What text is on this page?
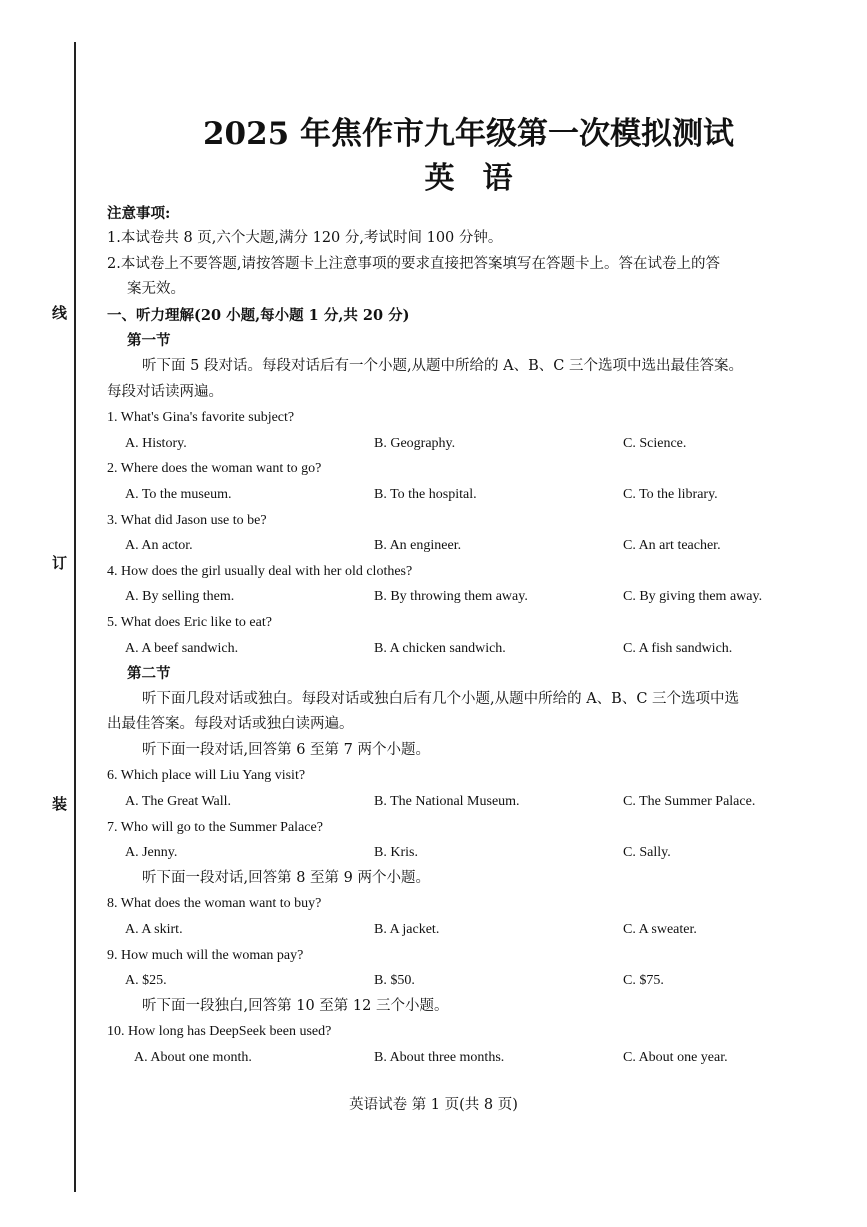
线
订
装
2025 年焦作市九年级第一次模拟测试
英语
注意事项:
1.本试卷共 8 页,六个大题,满分 120 分,考试时间 100 分钟。
2.本试卷上不要答题,请按答题卡上注意事项的要求直接把答案填写在答题卡上。答在试卷上的答
案无效。
一、听力理解(20 小题,每小题 1 分,共 20 分)
第一节
听下面 5 段对话。每段对话后有一个小题,从题中所给的 A、B、C 三个选项中选出最佳答案。
每段对话读两遍。
1. What's Gina's favorite subject?
A. History.	B. Geography.	C. Science.
2. Where does the woman want to go?
A. To the museum.	B. To the hospital.	C. To the library.
3. What did Jason use to be?
A. An actor.	B. An engineer.	C. An art teacher.
4. How does the girl usually deal with her old clothes?
A. By selling them.	B. By throwing them away.	C. By giving them away.
5. What does Eric like to eat?
A. A beef sandwich.	B. A chicken sandwich.	C. A fish sandwich.
第二节
听下面几段对话或独白。每段对话或独白后有几个小题,从题中所给的 A、B、C 三个选项中选
出最佳答案。每段对话或独白读两遍。
听下面一段对话,回答第 6 至第 7 两个小题。
6. Which place will Liu Yang visit?
A. The Great Wall.	B. The National Museum.	C. The Summer Palace.
7. Who will go to the Summer Palace?
A. Jenny.	B. Kris.	C. Sally.
听下面一段对话,回答第 8 至第 9 两个小题。
8. What does the woman want to buy?
A. A skirt.	B. A jacket.	C. A sweater.
9. How much will the woman pay?
A. $25.	B. $50.	C. $75.
听下面一段独白,回答第 10 至第 12 三个小题。
10. How long has DeepSeek been used?
A. About one month.	B. About three months.	C. About one year.
英语试卷 第 1 页(共 8 页)
